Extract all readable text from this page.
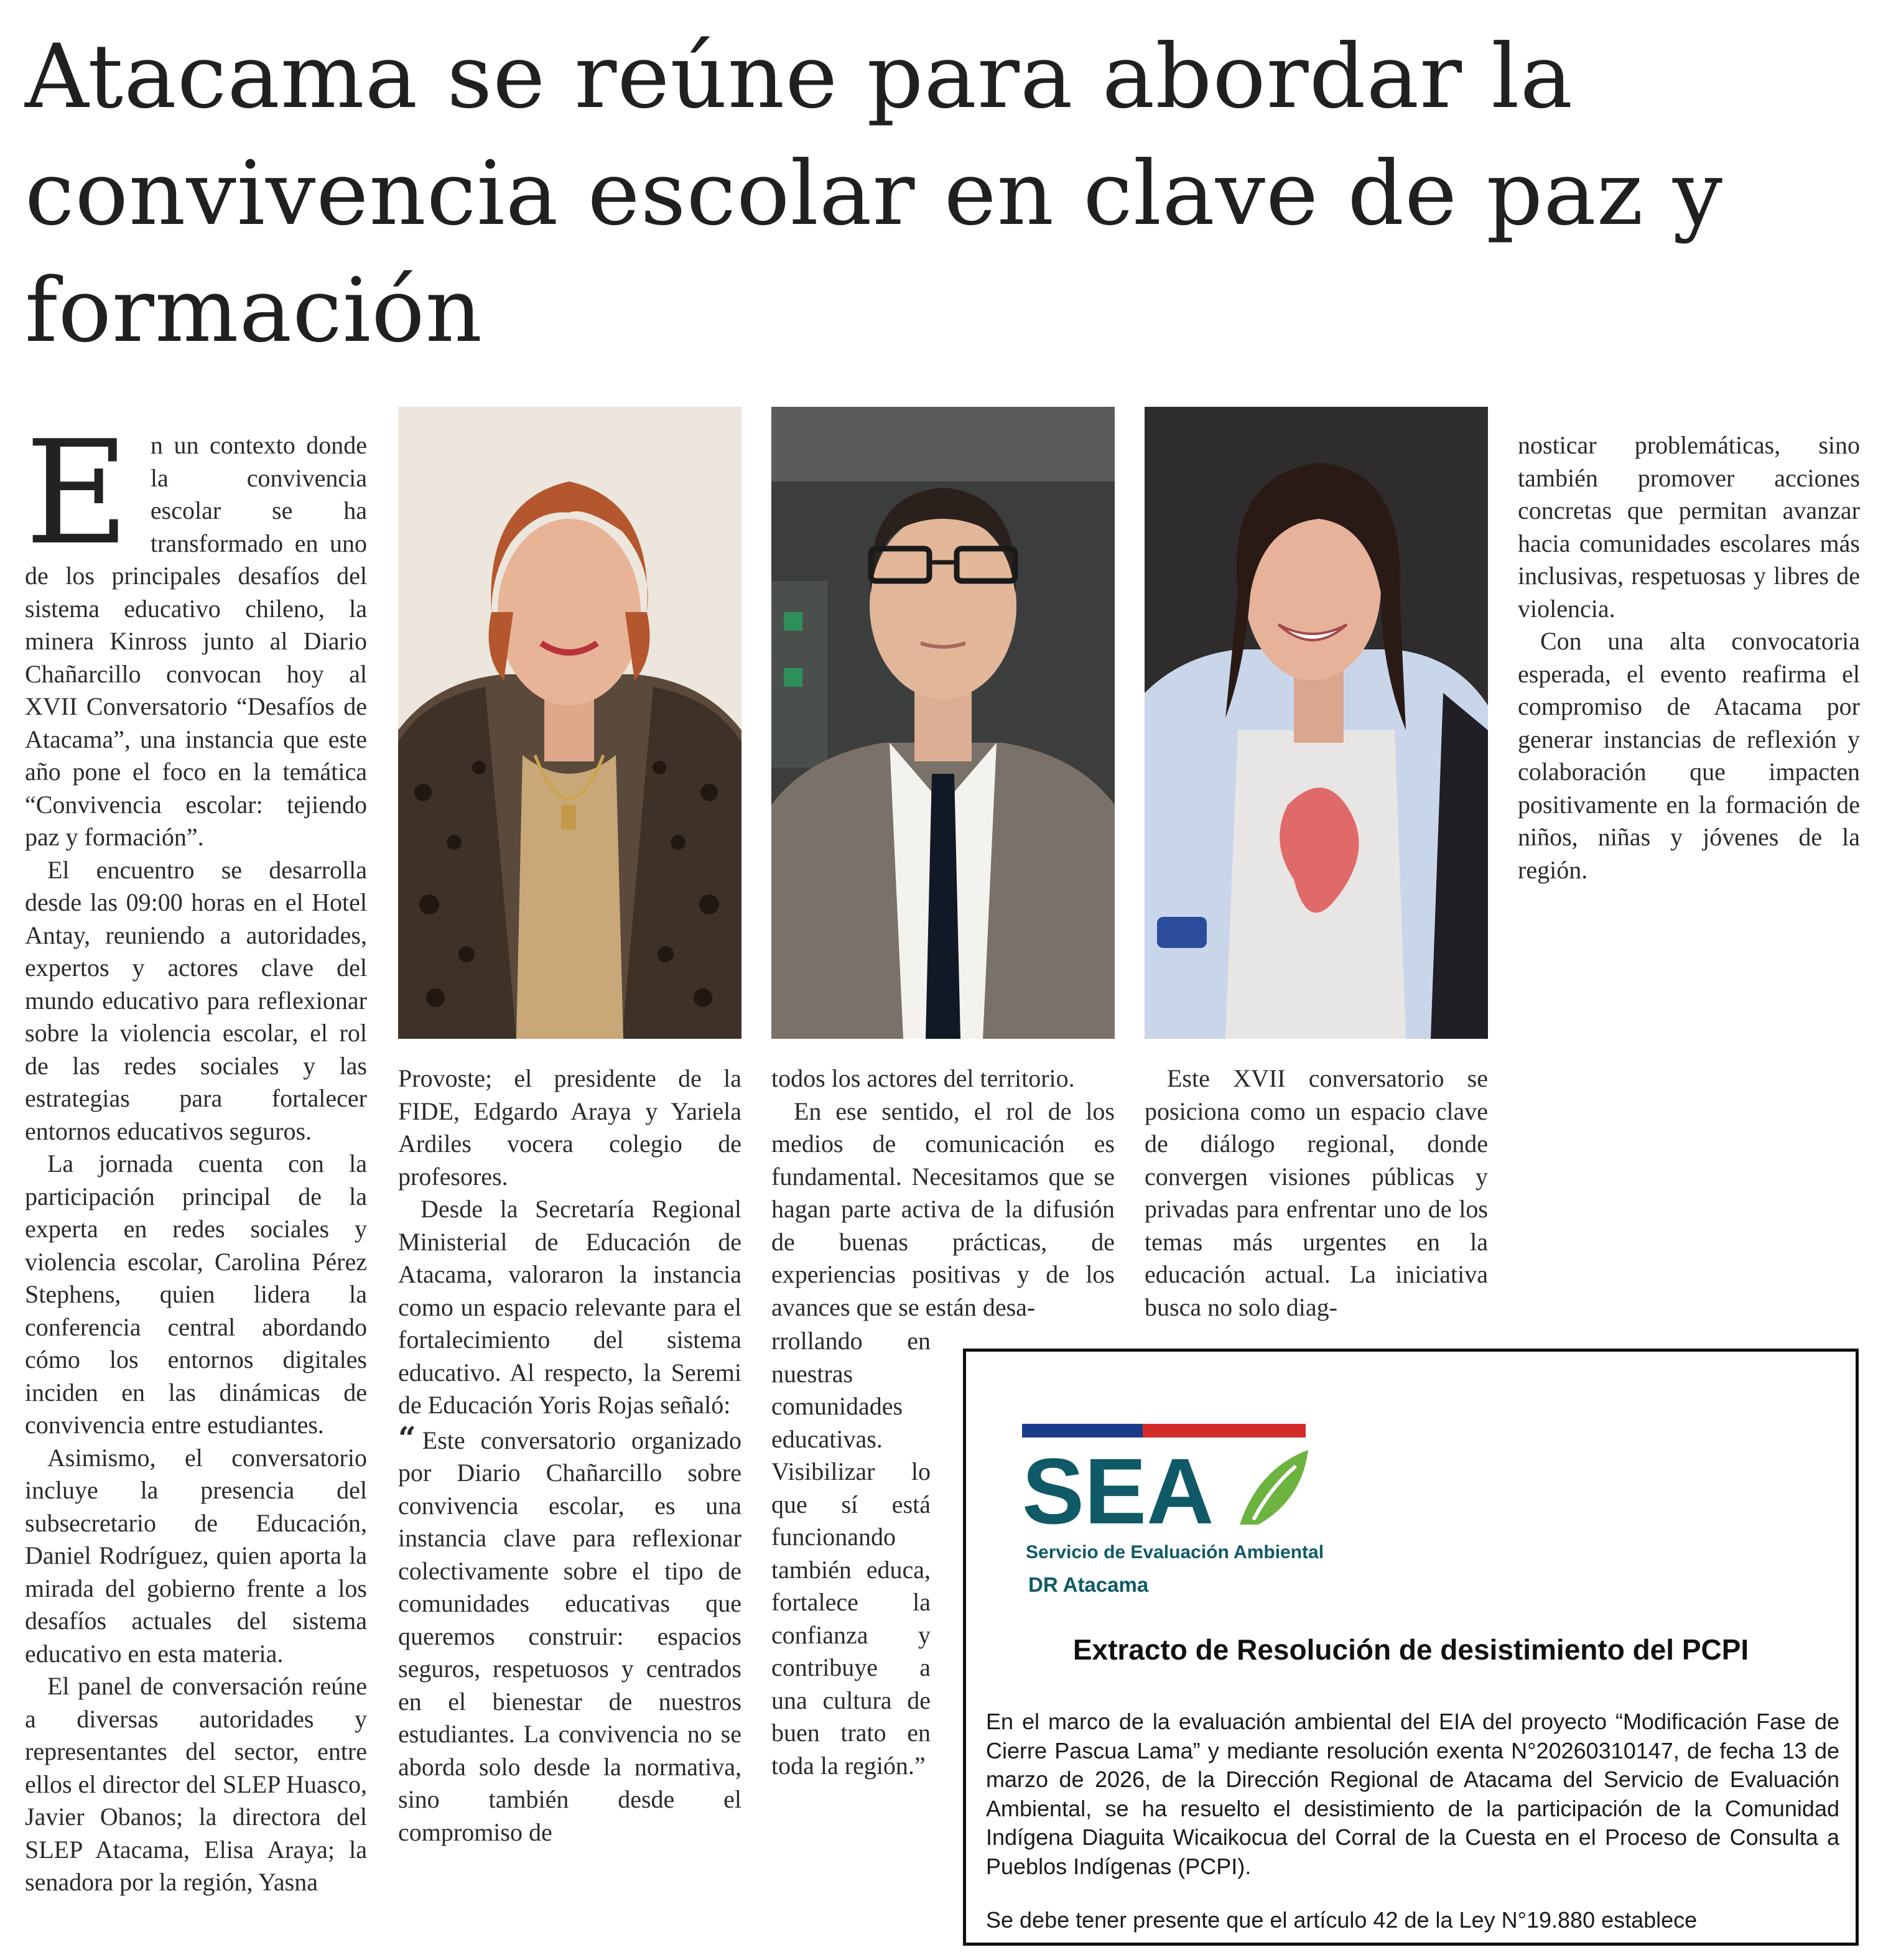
Atacama se reúne para abordar la convivencia escolar en clave de paz y formación

En un contexto donde la convivencia escolar se ha transformado en uno de los principales desafíos del sistema educativo chileno, la minera Kinross junto al Diario Chañarcillo convocan hoy al XVII Conversatorio “Desafíos de Atacama”, una instancia que este año pone el foco en la temática “Convivencia escolar: tejiendo paz y formación”.

El encuentro se desarrolla desde las 09:00 horas en el Hotel Antay, reuniendo a autoridades, expertos y actores clave del mundo educativo para reflexionar sobre la violencia escolar, el rol de las redes sociales y las estrategias para fortalecer entornos educativos seguros.

La jornada cuenta con la participación principal de la experta en redes sociales y violencia escolar, Carolina Pérez Stephens, quien lidera la conferencia central abordando cómo los entornos digitales inciden en las dinámicas de convivencia entre estudiantes.

Asimismo, el conversatorio incluye la presencia del subsecretario de Educación, Daniel Rodríguez, quien aporta la mirada del gobierno frente a los desafíos actuales del sistema educativo en esta materia.

El panel de conversación reúne a diversas autoridades y representantes del sector, entre ellos el director del SLEP Huasco, Javier Obanos; la directora del SLEP Atacama, Elisa Araya; la senadora por la región, Yasna

Provoste; el presidente de la FIDE, Edgardo Araya y Yariela Ardiles vocera colegio de profesores.

Desde la Secretaría Regional Ministerial de Educación de Atacama, valoraron la instancia como un espacio relevante para el fortalecimiento del sistema educativo. Al respecto, la Seremi de Educación Yoris Rojas señaló:

“ Este conversatorio organizado por Diario Chañarcillo sobre convivencia escolar, es una instancia clave para reflexionar colectivamente sobre el tipo de comunidades educativas que queremos construir: espacios seguros, respetuosos y centrados en el bienestar de nuestros estudiantes. La convivencia no se aborda solo desde la normativa, sino también desde el compromiso de

todos los actores del territorio.

En ese sentido, el rol de los medios de comunicación es fundamental. Necesitamos que se hagan parte activa de la difusión de buenas prácticas, de experiencias positivas y de los avances que se están desa-

rrollando en nuestras comunidades educativas. Visibilizar lo que sí está funcionando también educa, fortalece la confianza y contribuye a una cultura de buen trato en toda la región.”

Este XVII conversatorio se posiciona como un espacio clave de diálogo regional, donde convergen visiones públicas y privadas para enfrentar uno de los temas más urgentes en la educación actual. La iniciativa busca no solo diag-

nosticar problemáticas, sino también promover acciones concretas que permitan avanzar hacia comunidades escolares más inclusivas, respetuosas y libres de violencia.

Con una alta convocatoria esperada, el evento reafirma el compromiso de Atacama por generar instancias de reflexión y colaboración que impacten positivamente en la formación de niños, niñas y jóvenes de la región.

SEA
Servicio de Evaluación Ambiental
DR Atacama
Extracto de Resolución de desistimiento del PCPI

En el marco de la evaluación ambiental del EIA del proyecto “Modificación Fase de Cierre Pascua Lama” y mediante resolución exenta N°20260310147, de fecha 13 de marzo de 2026, de la Dirección Regional de Atacama del Servicio de Evaluación Ambiental, se ha resuelto el desistimiento de la participación de la Comunidad Indígena Diaguita Wicaikocua del Corral de la Cuesta en el Proceso de Consulta a Pueblos Indígenas (PCPI).

Se debe tener presente que el artículo 42 de la Ley N°19.880 establece
